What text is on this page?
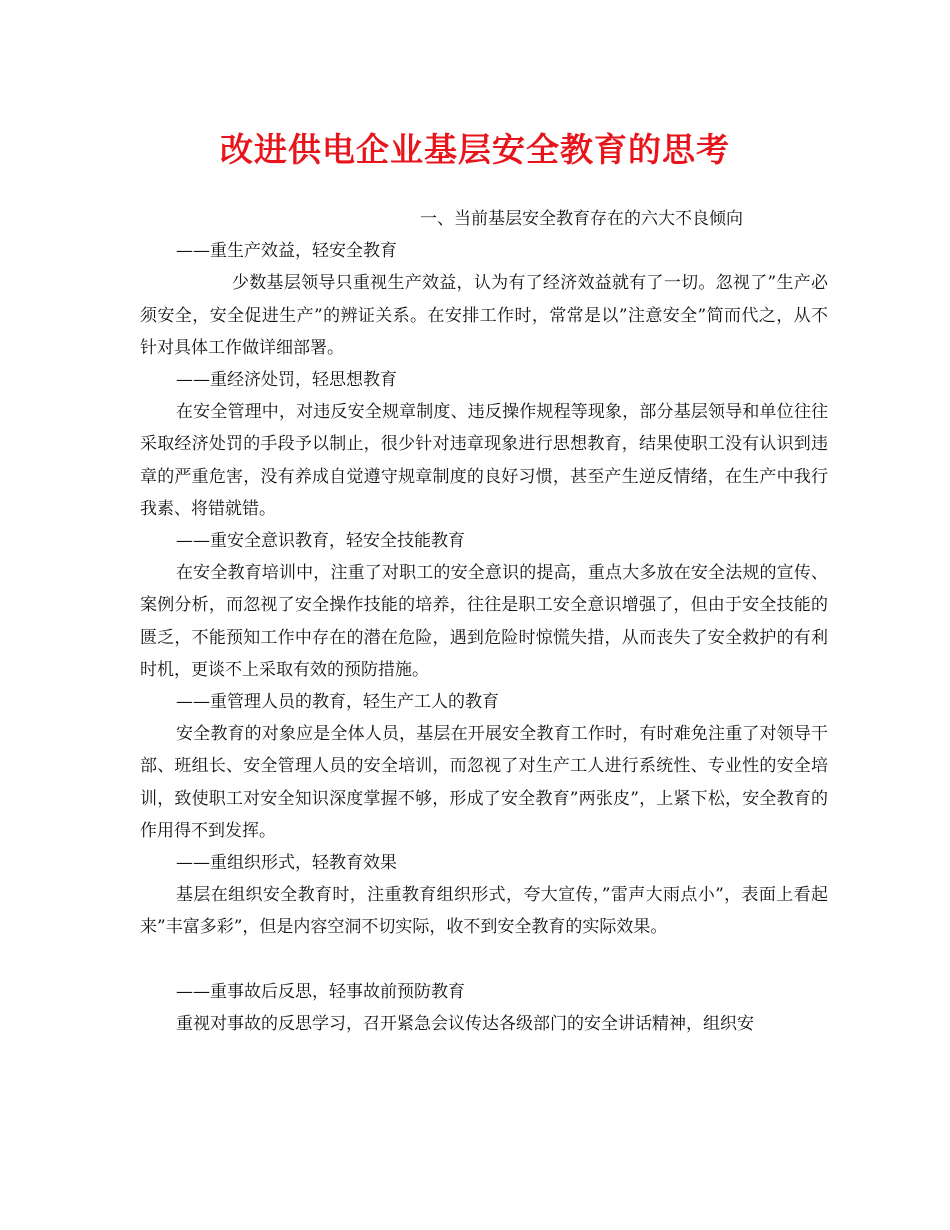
改进供电企业基层安全教育的思考
一、当前基层安全教育存在的六大不良倾向
——重生产效益，轻安全教育

少数基层领导只重视生产效益，认为有了经济效益就有了一切。忽视了”生产必须安全，安全促进生产”的辨证关系。在安排工作时，常常是以”注意安全”简而代之，从不针对具体工作做详细部署。

——重经济处罚，轻思想教育

在安全管理中，对违反安全规章制度、违反操作规程等现象，部分基层领导和单位往往采取经济处罚的手段予以制止，很少针对违章现象进行思想教育，结果使职工没有认识到违章的严重危害，没有养成自觉遵守规章制度的良好习惯，甚至产生逆反情绪，在生产中我行我素、将错就错。

——重安全意识教育，轻安全技能教育

在安全教育培训中，注重了对职工的安全意识的提高，重点大多放在安全法规的宣传、案例分析，而忽视了安全操作技能的培养，往往是职工安全意识增强了，但由于安全技能的匮乏，不能预知工作中存在的潜在危险，遇到危险时惊慌失措，从而丧失了安全救护的有利时机，更谈不上采取有效的预防措施。

——重管理人员的教育，轻生产工人的教育

安全教育的对象应是全体人员，基层在开展安全教育工作时，有时难免注重了对领导干部、班组长、安全管理人员的安全培训，而忽视了对生产工人进行系统性、专业性的安全培训，致使职工对安全知识深度掌握不够，形成了安全教育”两张皮”，上紧下松，安全教育的作用得不到发挥。

——重组织形式，轻教育效果

基层在组织安全教育时，注重教育组织形式，夸大宣传，”雷声大雨点小”，表面上看起来”丰富多彩”，但是内容空洞不切实际，收不到安全教育的实际效果。

——重事故后反思，轻事故前预防教育

重视对事故的反思学习，召开紧急会议传达各级部门的安全讲话精神，组织安
